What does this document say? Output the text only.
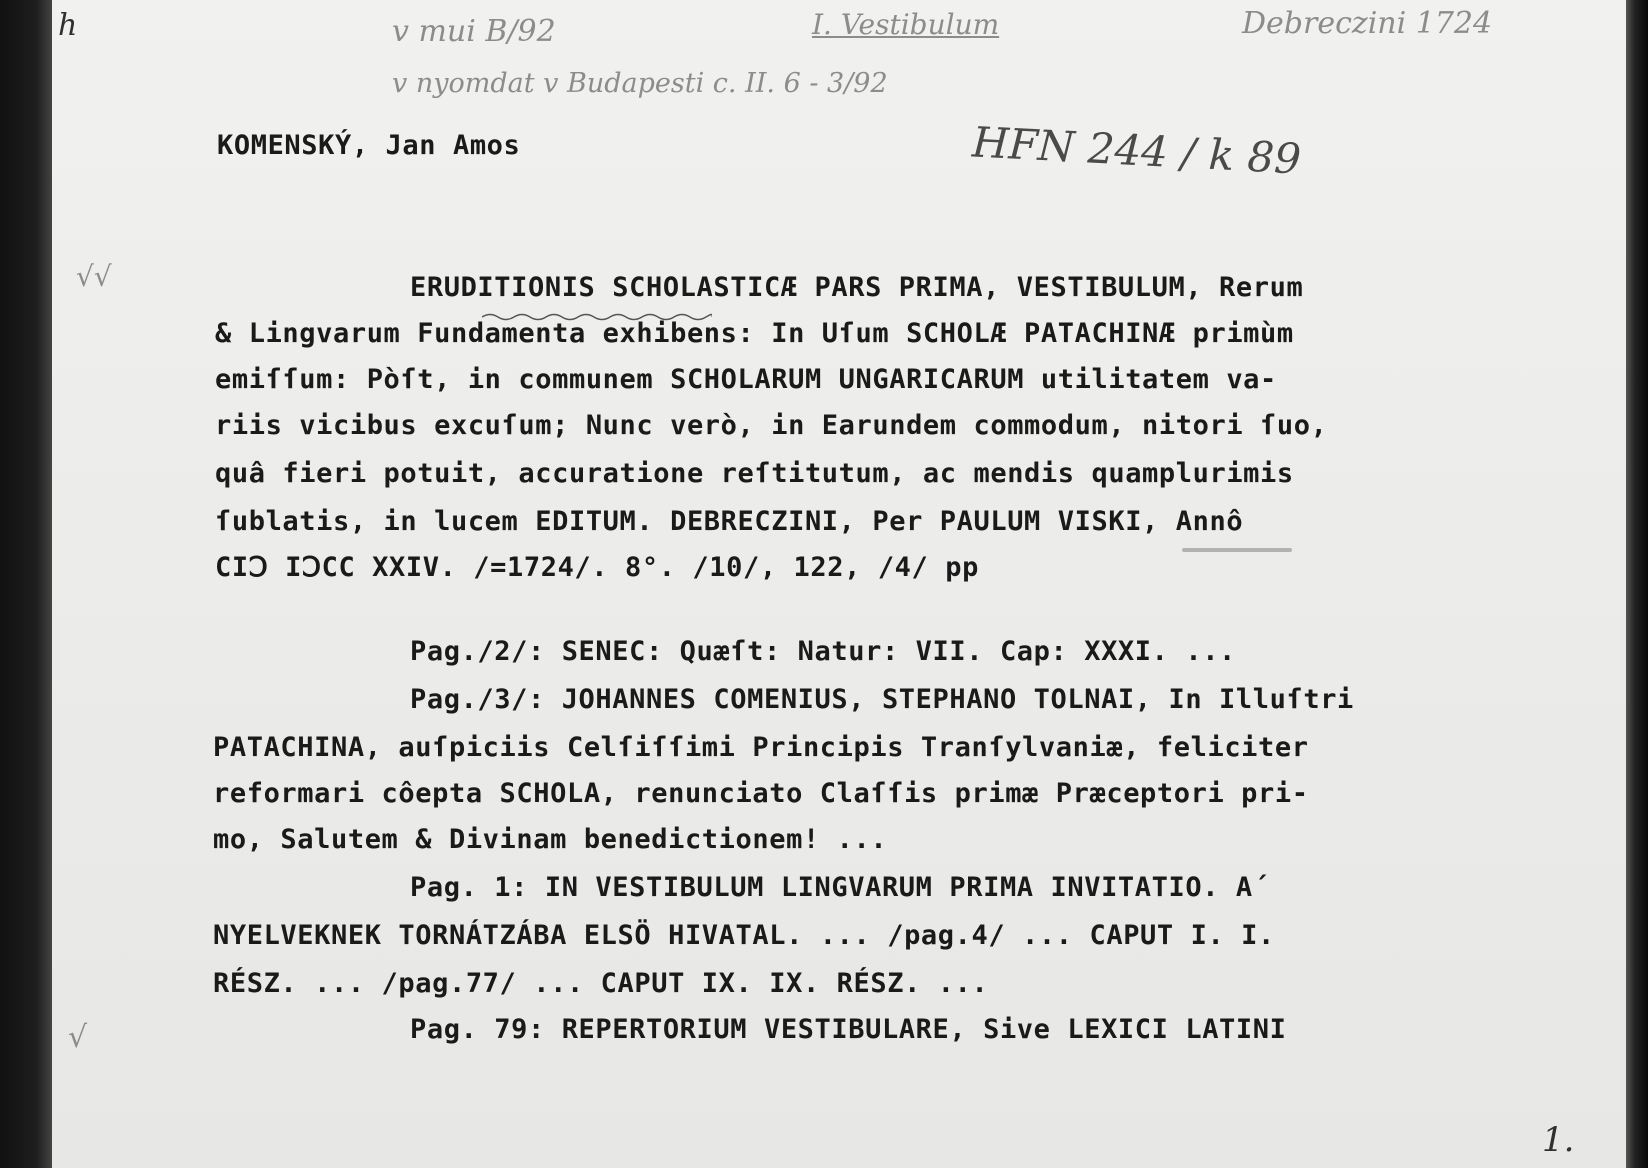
h	v mui B/92	I. Vestibulum	Debreczini 1724
v nyomdat v Budapesti c. II. 6 - 3/92
HFN 244 / k 89
√√
√
1.
KOMENSKÝ, Jan Amos
ERUDITIONIS SCHOLASTICÆ PARS PRIMA, VESTIBULUM, Rerum
& Lingvarum Fundamenta exhibens: In Uſum SCHOLÆ PATACHINÆ primùm
emiſſum: Pòſt, in communem SCHOLARUM UNGARICARUM utilitatem va-
riis vicibus excuſum; Nunc verò, in Earundem commodum, nitori ſuo,
quâ fieri potuit, accuratione reſtitutum, ac mendis quamplurimis
ſublatis, in lucem EDITUM. DEBRECZINI, Per PAULUM VISKI, Annô
CIↃ IↃCC XXIV. /=1724/. 8°. /10/, 122, /4/ pp
Pag./2/: SENEC: Quæſt: Natur: VII. Cap: XXXI. ...
Pag./3/: JOHANNES COMENIUS, STEPHANO TOLNAI, In Illuſtri
PATACHINA, auſpiciis Celſiſſimi Principis Tranſylvaniæ, feliciter
reformari côepta SCHOLA, renunciato Claſſis primæ Præceptori pri-
mo, Salutem & Divinam benedictionem! ...
Pag. 1: IN VESTIBULUM LINGVARUM PRIMA INVITATIO. A´
NYELVEKNEK TORNÁTZÁBA ELSÖ HIVATAL. ... /pag.4/ ... CAPUT I. I.
RÉSZ. ... /pag.77/ ... CAPUT IX. IX. RÉSZ. ...
Pag. 79: REPERTORIUM VESTIBULARE, Sive LEXICI LATINI
